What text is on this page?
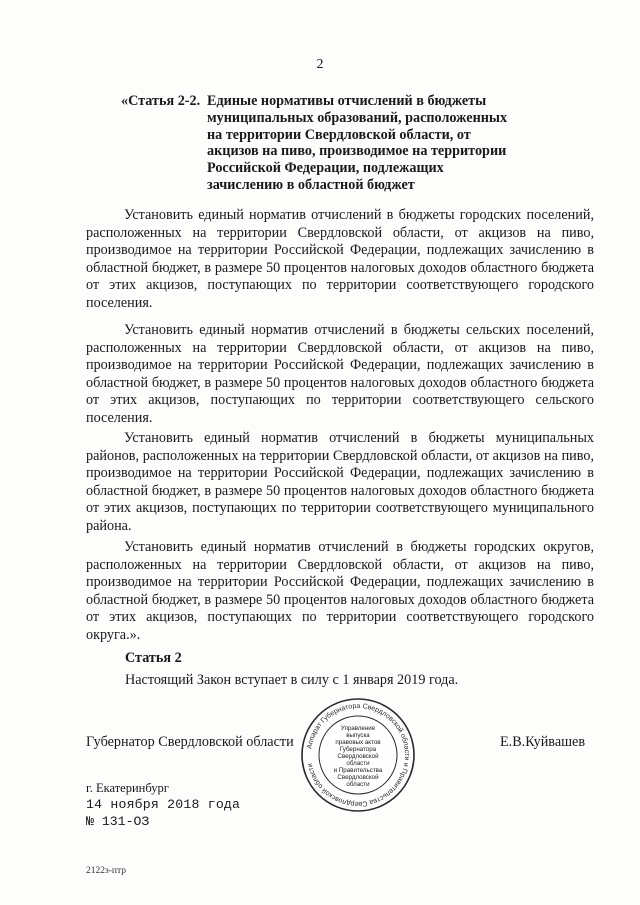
2
«Статья 2-2. Единые нормативы отчислений в бюджеты
муниципальных образований, расположенных
на территории Свердловской области, от
акцизов на пиво, производимое на территории
Российской Федерации, подлежащих
зачислению в областной бюджет

Установить единый норматив отчислений в бюджеты городских поселений, расположенных на территории Свердловской области, от акцизов на пиво, производимое на территории Российской Федерации, подлежащих зачислению в областной бюджет, в размере 50 процентов налоговых доходов областного бюджета от этих акцизов, поступающих по территории соответствующего городского поселения.

Установить единый норматив отчислений в бюджеты сельских поселений, расположенных на территории Свердловской области, от акцизов на пиво, производимое на территории Российской Федерации, подлежащих зачислению в областной бюджет, в размере 50 процентов налоговых доходов областного бюджета от этих акцизов, поступающих по территории соответствующего сельского поселения.

Установить единый норматив отчислений в бюджеты муниципальных районов, расположенных на территории Свердловской области, от акцизов на пиво, производимое на территории Российской Федерации, подлежащих зачислению в областной бюджет, в размере 50 процентов налоговых доходов областного бюджета от этих акцизов, поступающих по территории соответствующего муниципального района.

Установить единый норматив отчислений в бюджеты городских округов, расположенных на территории Свердловской области, от акцизов на пиво, производимое на территории Российской Федерации, подлежащих зачислению в областной бюджет, в размере 50 процентов налоговых доходов областного бюджета от этих акцизов, поступающих по территории соответствующего городского округа.».

Статья 2
Настоящий Закон вступает в силу с 1 января 2019 года.
Губернатор Свердловской области	Е.В.Куйвашев
Аппарат Губернатора Свердловской области и Правительства Свердловской области
Управление
выпуска
правовых актов
Губернатора
Свердловской области
и Правительства
Свердловской
области
г. Екатеринбург
14 ноября 2018 года
№ 131-ОЗ
2122з-птр
